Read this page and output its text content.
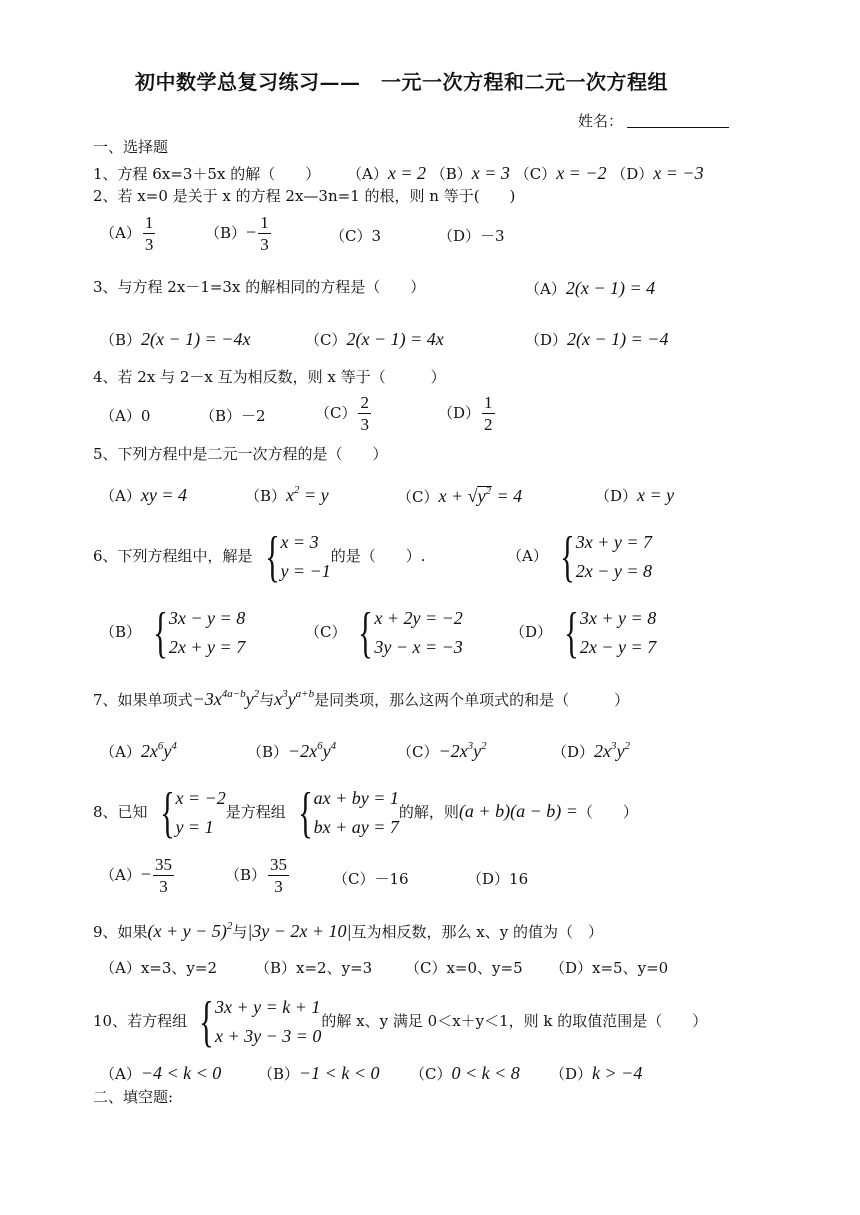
初中数学总复习练习——　一元一次方程和二元一次方程组
姓名：
一、选择题
1、方程 6x=3＋5x 的解（　　） （A）x = 2 （B）x = 3 （C）x = −2 （D）x = −3
2、若 x=0 是关于 x 的方程 2x—3n=1 的根，则 n 等于(　　)
$(A) \frac{1}{3}$	$(B)- \frac{1}{3}$	（C）3	（D）－3
3、与方程 2x－1=3x 的解相同的方程是（　　）	（A）2(x − 1) = 4
（B）2(x − 1) = −4x	（C）2(x − 1) = 4x	（D）2(x − 1) = −4
4、若 2x 与 2－x 互为相反数，则 x 等于（　　　）
（A）0	（B）－2	$(C) \frac{2}{3}$	$(D) \frac{1}{2}$
5、下列方程中是二元一次方程的是（　　）
（A）xy = 4	$(B)x^2 = y$	$(C)x + √y^2 = 4$	（D）x = y
6、下列方程组中，解是 { x = 3
y = −1
的是（　　）.	（A） { 3x + y = 7
2x − y = 8
（B） { 3x − y = 8
2x + y = 7
（C） { x + 2y = −2
3y − x = −3
（D） { 3x + y = 8
2x − y = 7
7、如果单项式$-3x^{4a-b}y^2$与$x^3y^{a+b}$是同类项，那么这两个单项式的和是（　　　）
$(A)2x^6y^4$	$(B)-2x^6y^4$	$(C)-2x^3y^2$	$(D)2x^3y^2$
8、已知 { x = −2
y = 1
是方程组 { ax + by = 1
bx + ay = 7
的解，则(a + b)(a − b) =（　　）
$(A)- \frac{35}{3}$	$(B) \frac{35}{3}$	（C）－16	（D）16
9、如果$(x + y - 5)^2$与|3y − 2x + 10|互为相反数，那么 x、y 的值为（　）
（A）x=3、y=2	（B）x=2、y=3 （C）x=0、y=5 （D）x=5、y=0
10、若方程组 { 3x + y = k + 1
x + 3y − 3 = 0
的解 x、y 满足 0＜x＋y＜1，则 k 的取值范围是（　　）
（A）−4 < k < 0 （B）−1 < k < 0 （C）0 < k < 8 （D）k > −4
二、填空题:
